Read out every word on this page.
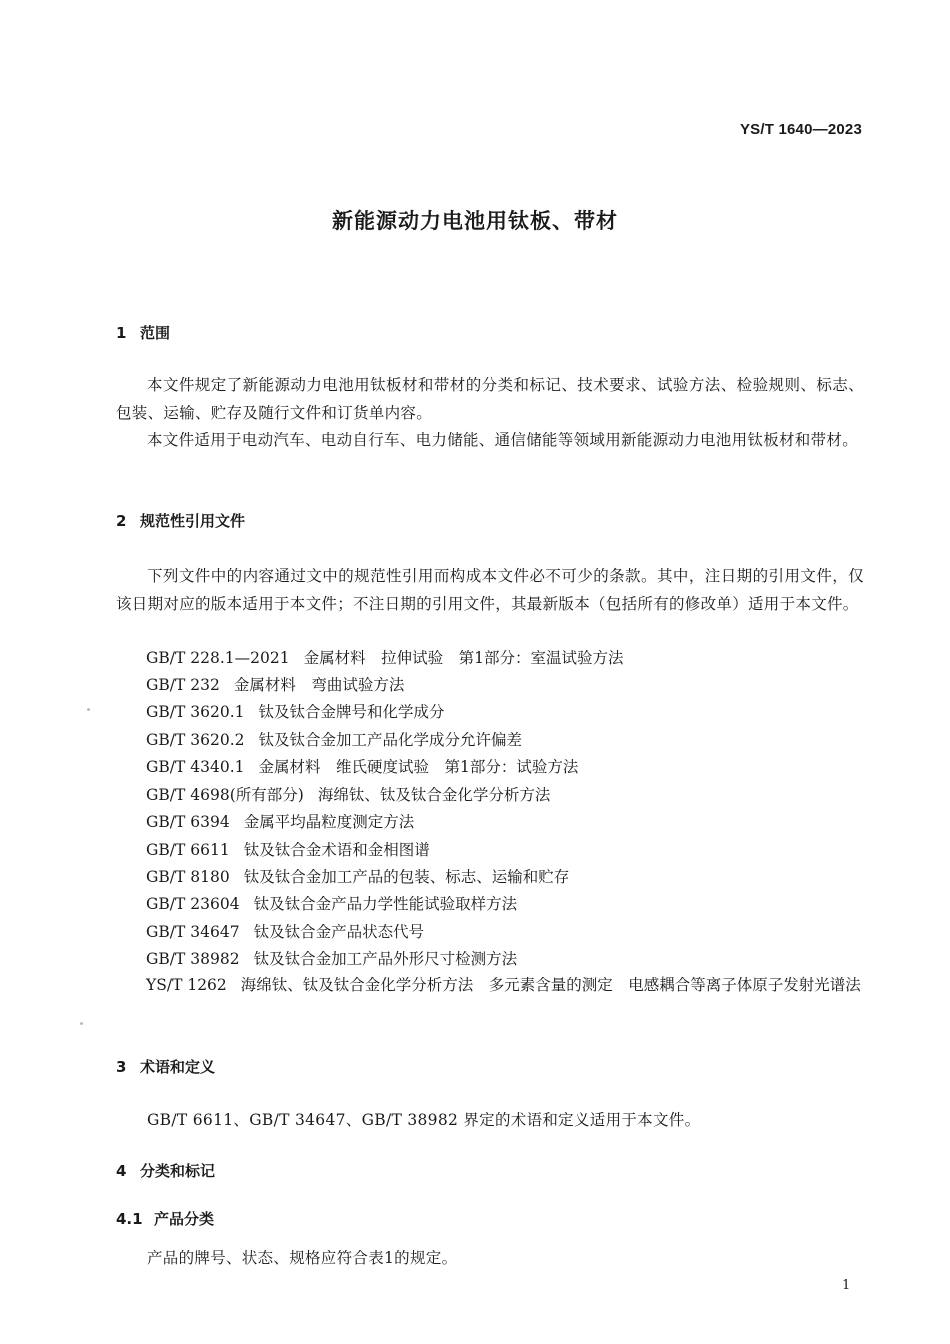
YS/T 1640—2023
新能源动力电池用钛板、带材
1 范围
本文件规定了新能源动力电池用钛板材和带材的分类和标记、技术要求、试验方法、检验规则、标志、包装、运输、贮存及随行文件和订货单内容。
本文件适用于电动汽车、电动自行车、电力储能、通信储能等领域用新能源动力电池用钛板材和带材。
2 规范性引用文件
下列文件中的内容通过文中的规范性引用而构成本文件必不可少的条款。其中，注日期的引用文件，仅该日期对应的版本适用于本文件；不注日期的引用文件，其最新版本（包括所有的修改单）适用于本文件。
GB/T 228.1—2021 金属材料　拉伸试验　第1部分：室温试验方法
GB/T 232 金属材料　弯曲试验方法
GB/T 3620.1 钛及钛合金牌号和化学成分
GB/T 3620.2 钛及钛合金加工产品化学成分允许偏差
GB/T 4340.1 金属材料　维氏硬度试验　第1部分：试验方法
GB/T 4698(所有部分) 海绵钛、钛及钛合金化学分析方法
GB/T 6394 金属平均晶粒度测定方法
GB/T 6611 钛及钛合金术语和金相图谱
GB/T 8180 钛及钛合金加工产品的包装、标志、运输和贮存
GB/T 23604 钛及钛合金产品力学性能试验取样方法
GB/T 34647 钛及钛合金产品状态代号
GB/T 38982 钛及钛合金加工产品外形尺寸检测方法
YS/T 1262 海绵钛、钛及钛合金化学分析方法　多元素含量的测定　电感耦合等离子体原子发射光谱法
3 术语和定义
GB/T 6611、GB/T 34647、GB/T 38982 界定的术语和定义适用于本文件。
4 分类和标记
4.1 产品分类
产品的牌号、状态、规格应符合表1的规定。
1
